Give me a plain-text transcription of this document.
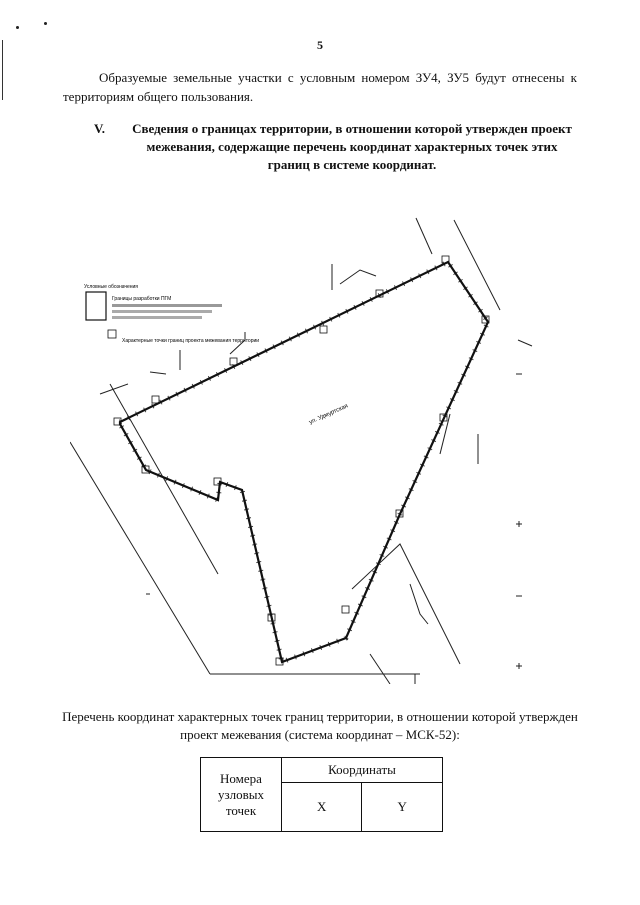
5
Образуемые земельные участки с условным номером ЗУ4, ЗУ5 будут отнесены к территориям общего пользования.
V.	Сведения о границах территории, в отношении которой утвержден проект межевания, содержащие перечень координат характерных точек этих границ в системе координат.
Условные обозначения
Границы разработки ПГМ
Характерные точки границ проекта межевания территории
ул. Удмуртская
Перечень координат характерных точек границ территории, в отношении которой утвержден проект межевания (система координат – МСК-52):
Номера узловых точек	Координаты	
	X	Y
